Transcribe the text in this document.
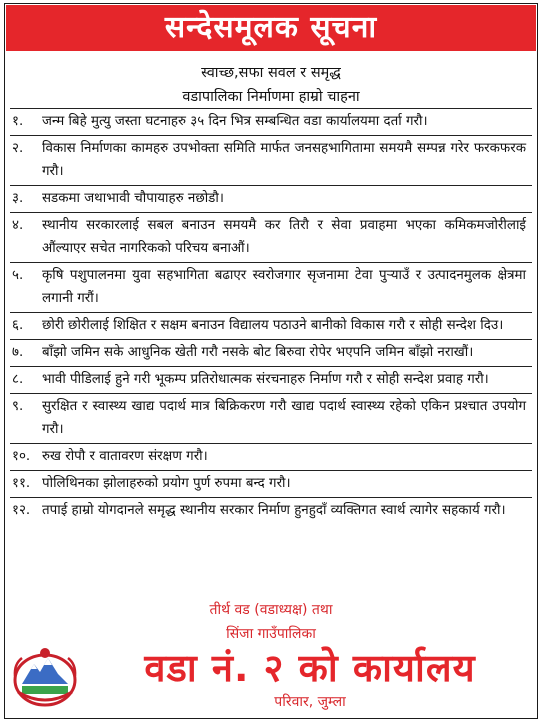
सन्देसमूलक सूचना
स्वाच्छ,सफा सवल र समृद्ध
वडापालिका निर्माणमा हाम्रो चाहना
१.	जन्म बिहे मुत्यु जस्ता घटनाहरु ३५ दिन भित्र सम्बन्धित वडा कार्यालयमा दर्ता गरौ।
२.	विकास निर्माणका कामहरु उपभोक्ता समिति मार्फत जनसहभागितामा समयमै सम्पन्न गरेर फरकफरक गरौ।
३.	सडकमा जथाभावी चौपायाहरु नछोडौ।
४.	स्थानीय सरकारलाई सबल बनाउन समयमै कर तिरौ र सेवा प्रवाहमा भएका कमिकमजोरीलाई औंल्याएर सचेत नागरिकको परिचय बनाऔं।
५.	कृषि पशुपालनमा युवा सहभागिता बढाएर स्वरोजगार सृजनामा टेवा पुऱ्याउँ र उत्पादनमुलक क्षेत्रमा लगानी गरौं।
६.	छोरी छोरीलाई शिक्षित र सक्षम बनाउन विद्यालय पठाउने बानीको विकास गरौ र सोही सन्देश दिउ।
७.	बाँझो जमिन सके आधुनिक खेती गरौ नसके बोट बिरुवा रोपेर भएपनि जमिन बाँझो नराखौं।
८.	भावी पीडिलाई हुने गरी भूकम्प प्रतिरोधात्मक संरचनाहरु निर्माण गरौ र सोही सन्देश प्रवाह गरौ।
९.	सुरक्षित र स्वास्थ्य खाद्य पदार्थ मात्र बिक्रिकरण गरौ खाद्य पदार्थ स्वास्थ्य रहेको एकिन प्रश्चात उपयोग गरौ।
१०. रुख रोपौ र वातावरण संरक्षण गरौ।
११. पोलिथिनका झोलाहरुको प्रयोग पुर्ण रुपमा बन्द गरौ।
१२. तपाई हाम्रो योगदानले समृद्ध स्थानीय सरकार निर्माण हुनहुदाँ व्यक्तिगत स्वार्थ त्यागेर सहकार्य गरौ।
तीर्थ वड (वडाध्यक्ष) तथा
सिंजा गाउँपालिका
वडा नं. २ को कार्यालय
परिवार, जुम्ला
